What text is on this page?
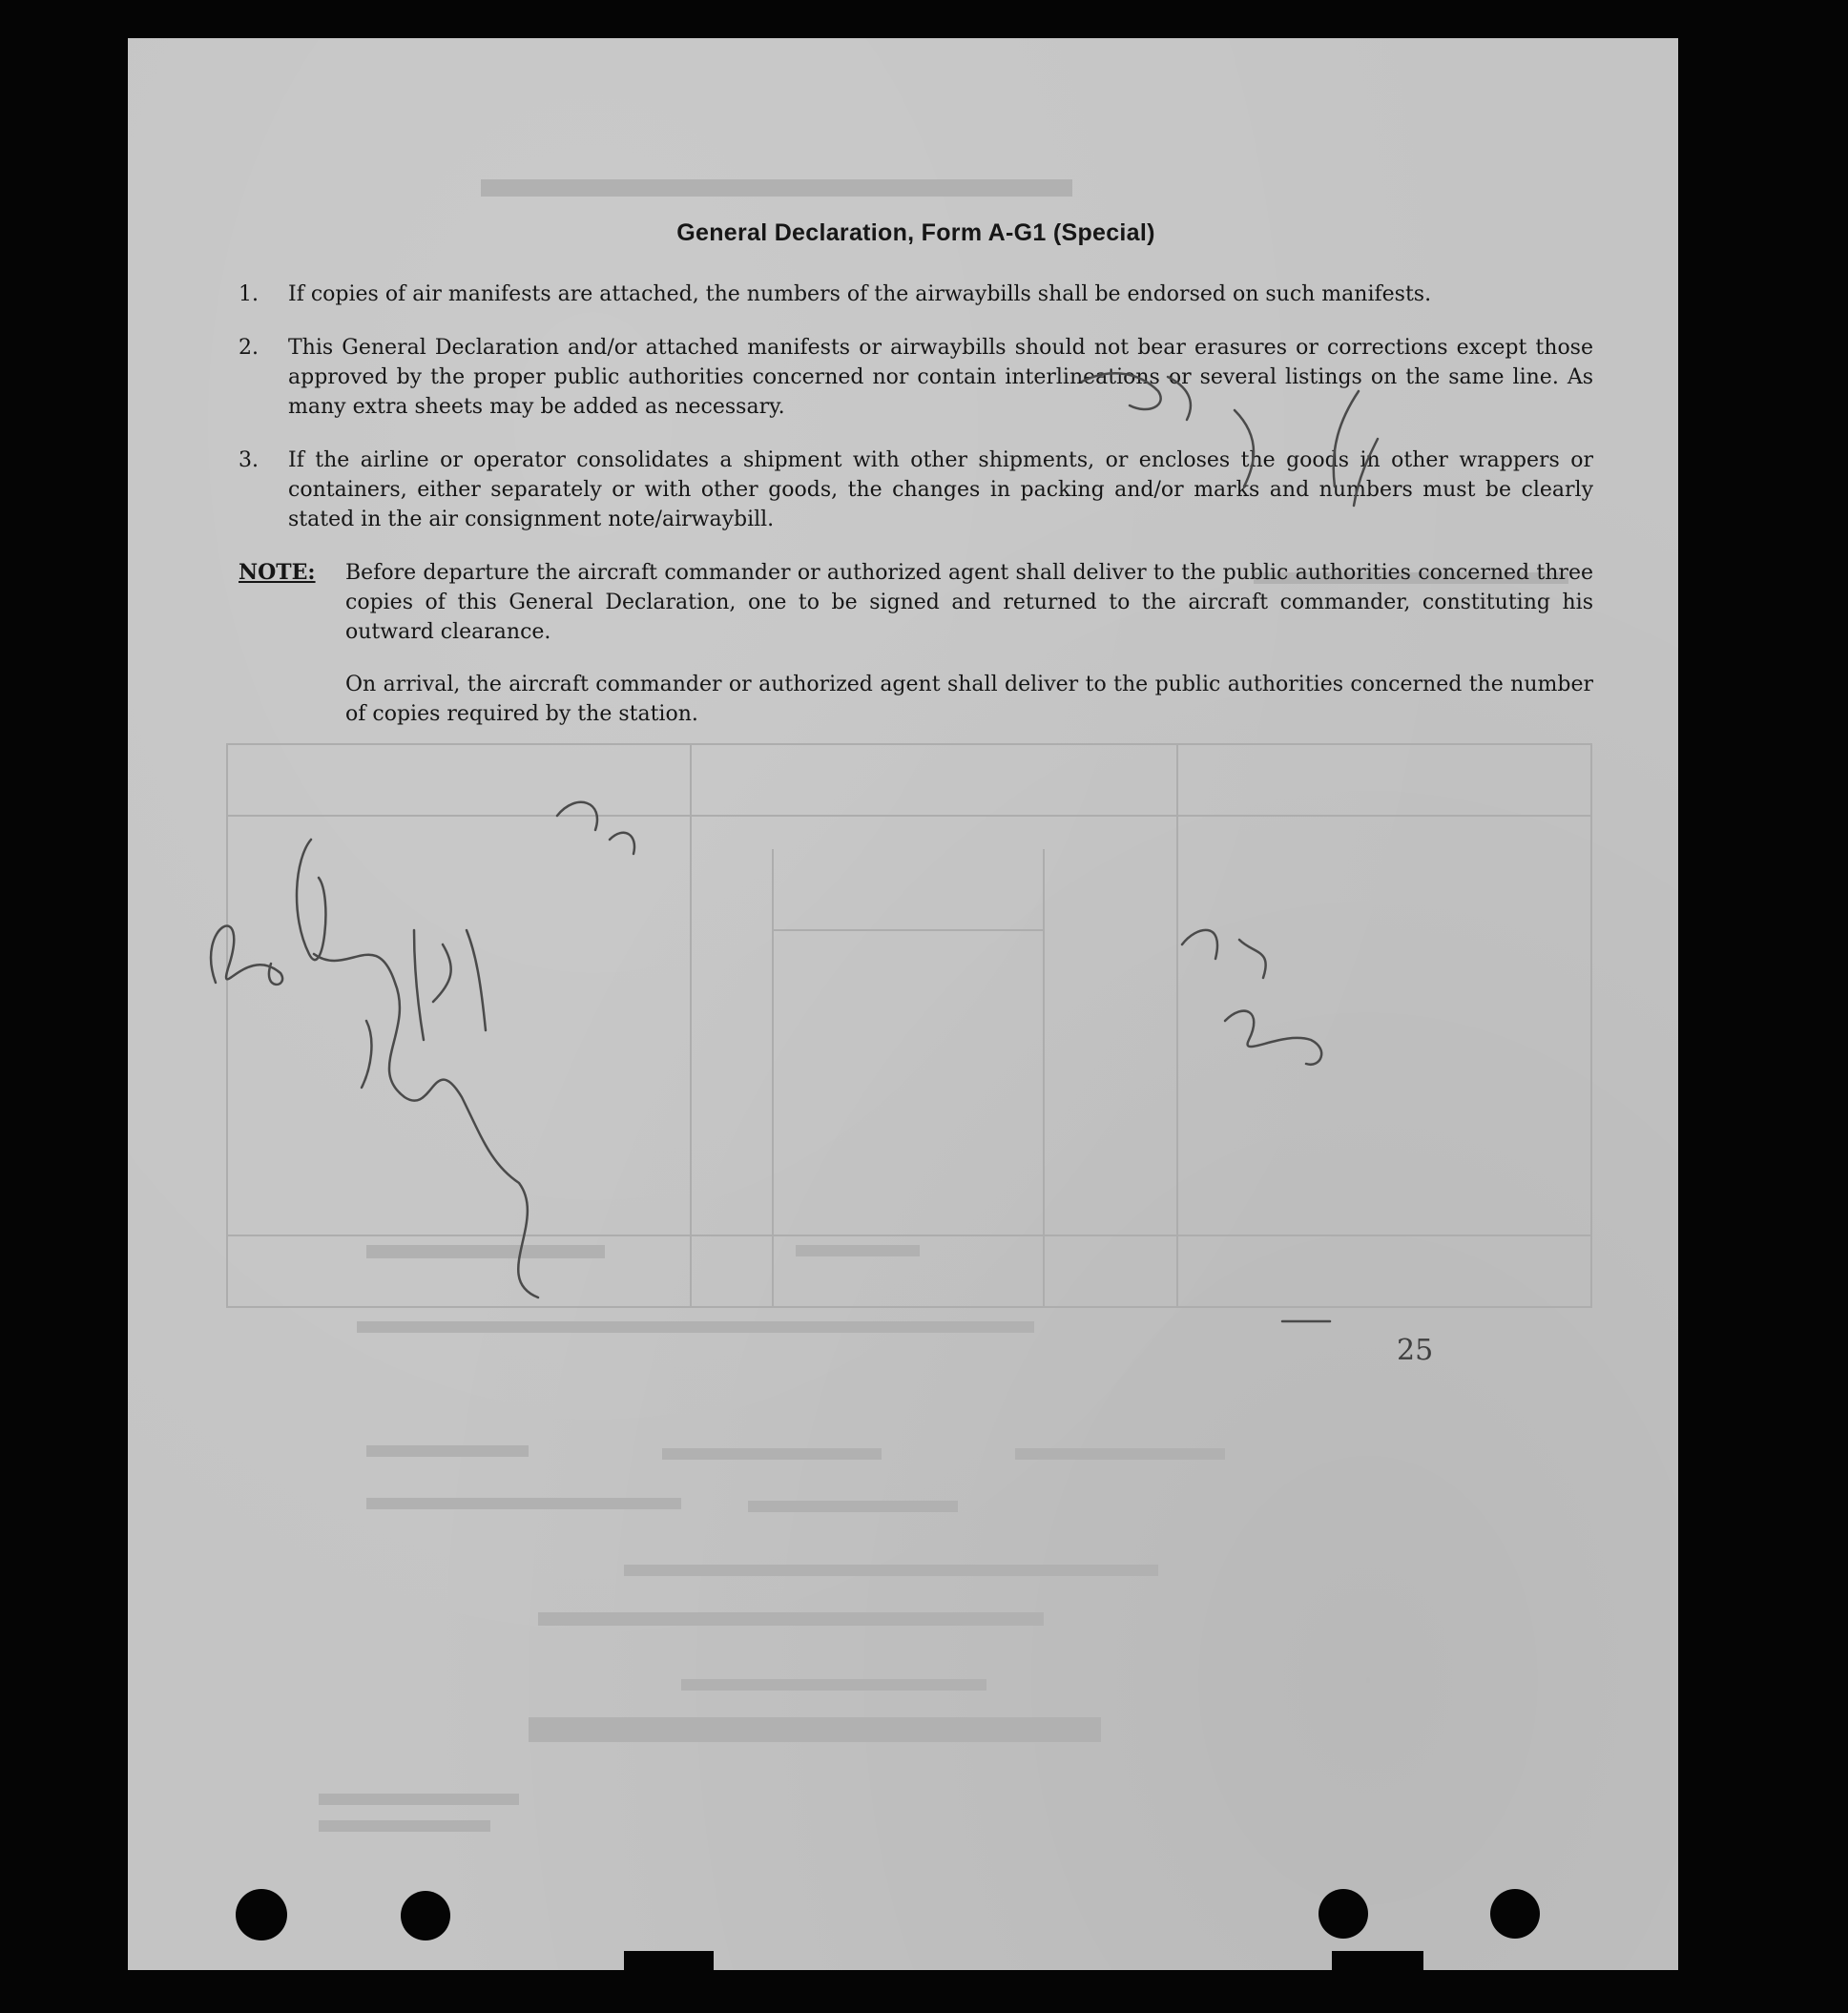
General Declaration, Form A-G1 (Special)
1.	If copies of air manifests are attached, the numbers of the airwaybills shall be endorsed on such manifests.
2.	This General Declaration and/or attached manifests or airwaybills should not bear erasures or corrections except those approved by the proper public authorities concerned nor contain interlineations or several listings on the same line. As many extra sheets may be added as necessary.
3.	If the airline or operator consolidates a shipment with other shipments, or encloses the goods in other wrappers or containers, either separately or with other goods, the changes in packing and/or marks and numbers must be clearly stated in the air consignment note/airwaybill.
NOTE:	Before departure the aircraft commander or authorized agent shall deliver to the public authorities concerned three copies of this General Declaration, one to be signed and returned to the aircraft commander, constituting his outward clearance.

On arrival, the aircraft commander or authorized agent shall deliver to the public authorities concerned the number of copies required by the station.

25
